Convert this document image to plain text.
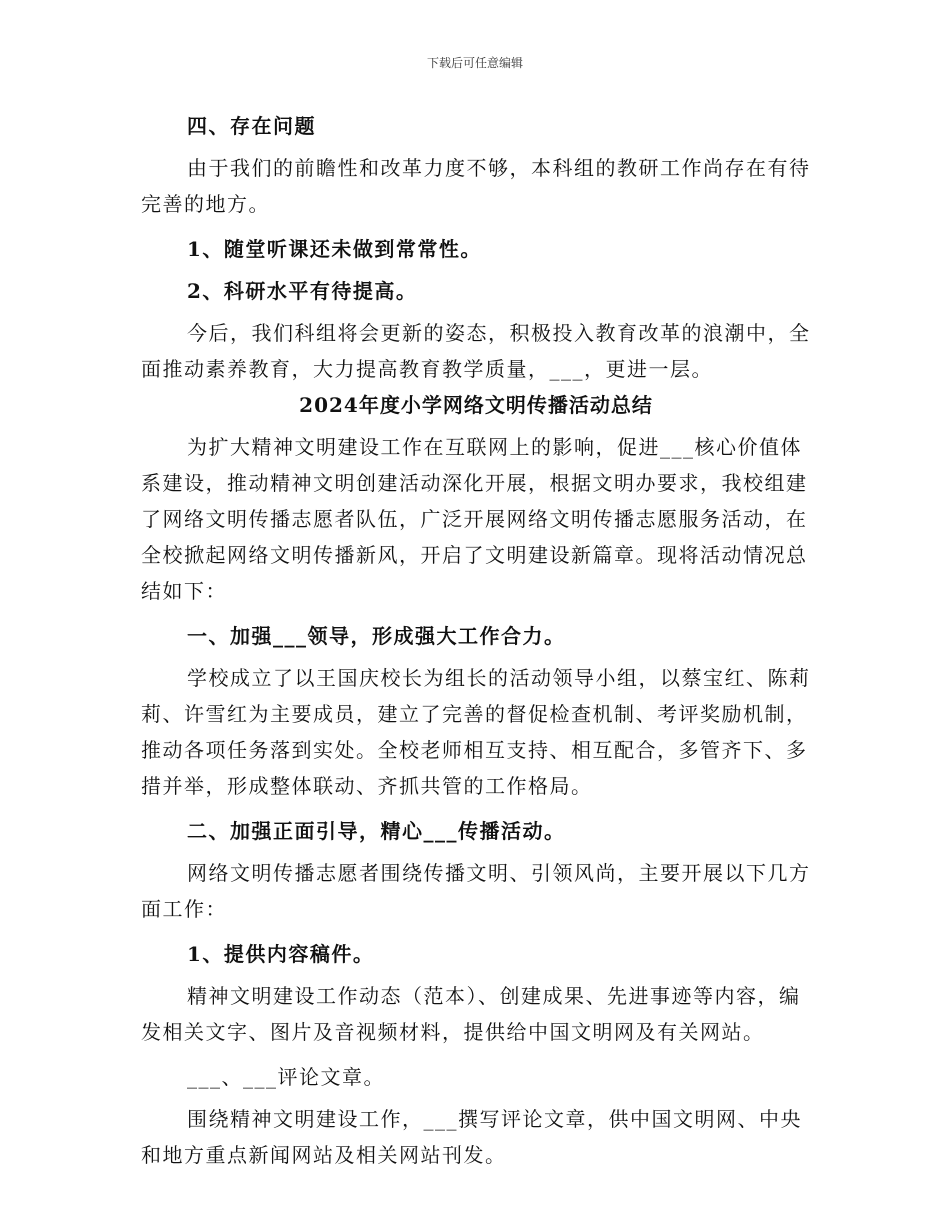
下载后可任意编辑

四、存在问题

由于我们的前瞻性和改革力度不够，本科组的教研工作尚存在有待完善的地方。

1、随堂听课还未做到常常性。

2、科研水平有待提高。

今后，我们科组将会更新的姿态，积极投入教育改革的浪潮中，全面推动素养教育，大力提高教育教学质量，___，更进一层。

2024年度小学网络文明传播活动总结

为扩大精神文明建设工作在互联网上的影响，促进___核心价值体系建设，推动精神文明创建活动深化开展，根据文明办要求，我校组建了网络文明传播志愿者队伍，广泛开展网络文明传播志愿服务活动，在全校掀起网络文明传播新风，开启了文明建设新篇章。现将活动情况总结如下：

一、加强___领导，形成强大工作合力。

学校成立了以王国庆校长为组长的活动领导小组，以蔡宝红、陈莉莉、许雪红为主要成员，建立了完善的督促检查机制、考评奖励机制，推动各项任务落到实处。全校老师相互支持、相互配合，多管齐下、多措并举，形成整体联动、齐抓共管的工作格局。

二、加强正面引导，精心___传播活动。

网络文明传播志愿者围绕传播文明、引领风尚，主要开展以下几方面工作：

1、提供内容稿件。

精神文明建设工作动态（范本）、创建成果、先进事迹等内容，编发相关文字、图片及音视频材料，提供给中国文明网及有关网站。

___、___评论文章。

围绕精神文明建设工作，___撰写评论文章，供中国文明网、中央和地方重点新闻网站及相关网站刊发。
